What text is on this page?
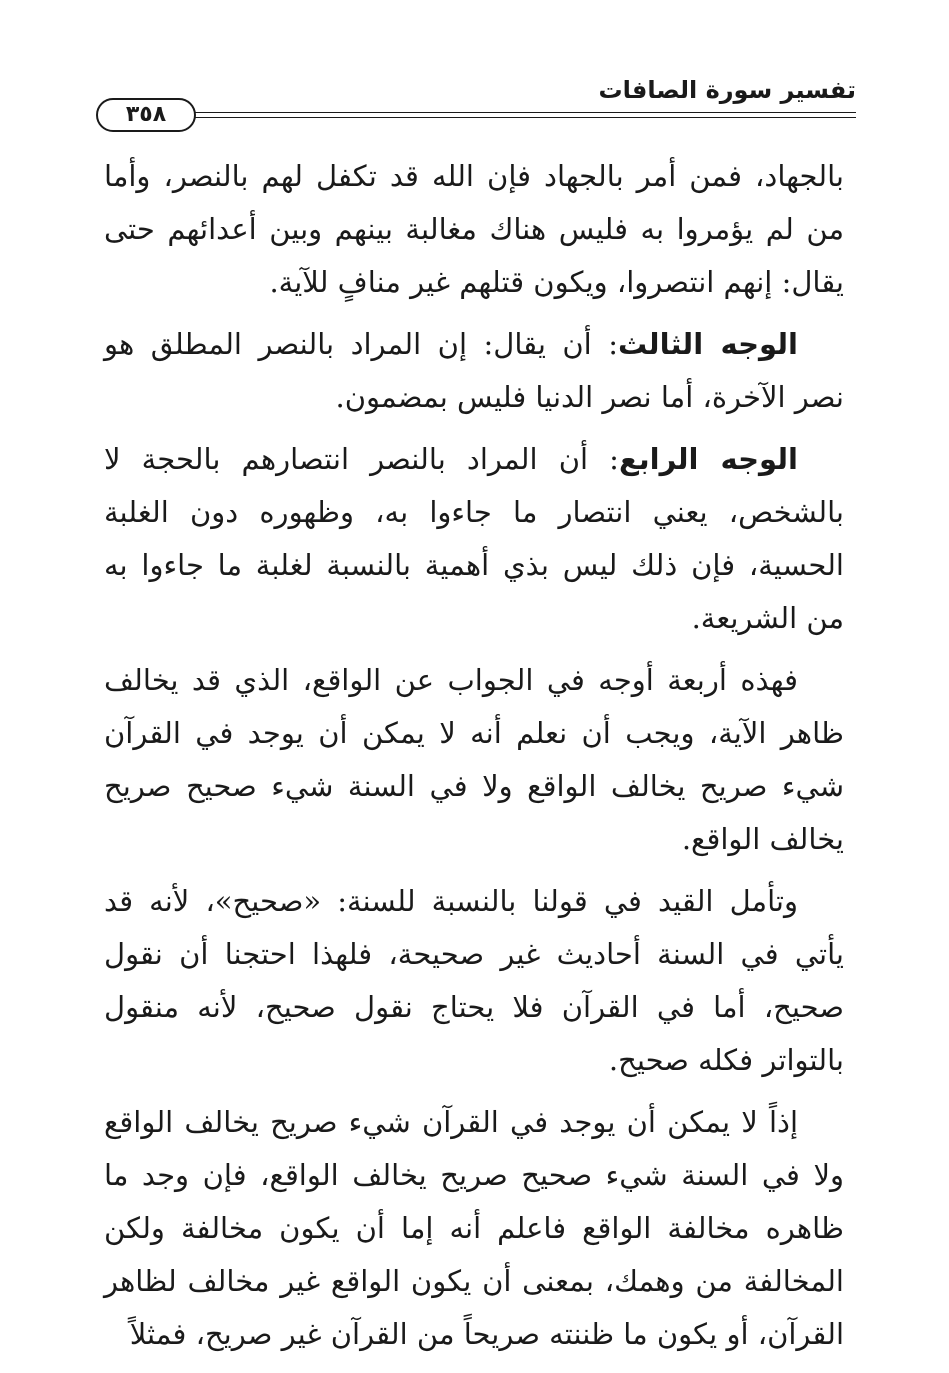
تفسير سورة الصافات
٣٥٨

بالجهاد، فمن أمر بالجهاد فإن الله قد تكفل لهم بالنصر، وأما من لم يؤمروا به فليس هناك مغالبة بينهم وبين أعدائهم حتى يقال: إنهم انتصروا، ويكون قتلهم غير منافٍ للآية.

الوجه الثالث: أن يقال: إن المراد بالنصر المطلق هو نصر الآخرة، أما نصر الدنيا فليس بمضمون.

الوجه الرابع: أن المراد بالنصر انتصارهم بالحجة لا بالشخص، يعني انتصار ما جاءوا به، وظهوره دون الغلبة الحسية، فإن ذلك ليس بذي أهمية بالنسبة لغلبة ما جاءوا به من الشريعة.

فهذه أربعة أوجه في الجواب عن الواقع، الذي قد يخالف ظاهر الآية، ويجب أن نعلم أنه لا يمكن أن يوجد في القرآن شيء صريح يخالف الواقع ولا في السنة شيء صحيح صريح يخالف الواقع.

وتأمل القيد في قولنا بالنسبة للسنة: «صحيح»، لأنه قد يأتي في السنة أحاديث غير صحيحة، فلهذا احتجنا أن نقول صحيح، أما في القرآن فلا يحتاج نقول صحيح، لأنه منقول بالتواتر فكله صحيح.

إذاً لا يمكن أن يوجد في القرآن شيء صريح يخالف الواقع ولا في السنة شيء صحيح صريح يخالف الواقع، فإن وجد ما ظاهره مخالفة الواقع فاعلم أنه إما أن يكون مخالفة ولكن المخالفة من وهمك، بمعنى أن يكون الواقع غير مخالف لظاهر القرآن، أو يكون ما ظننته صريحاً من القرآن غير صريح، فمثلاً
